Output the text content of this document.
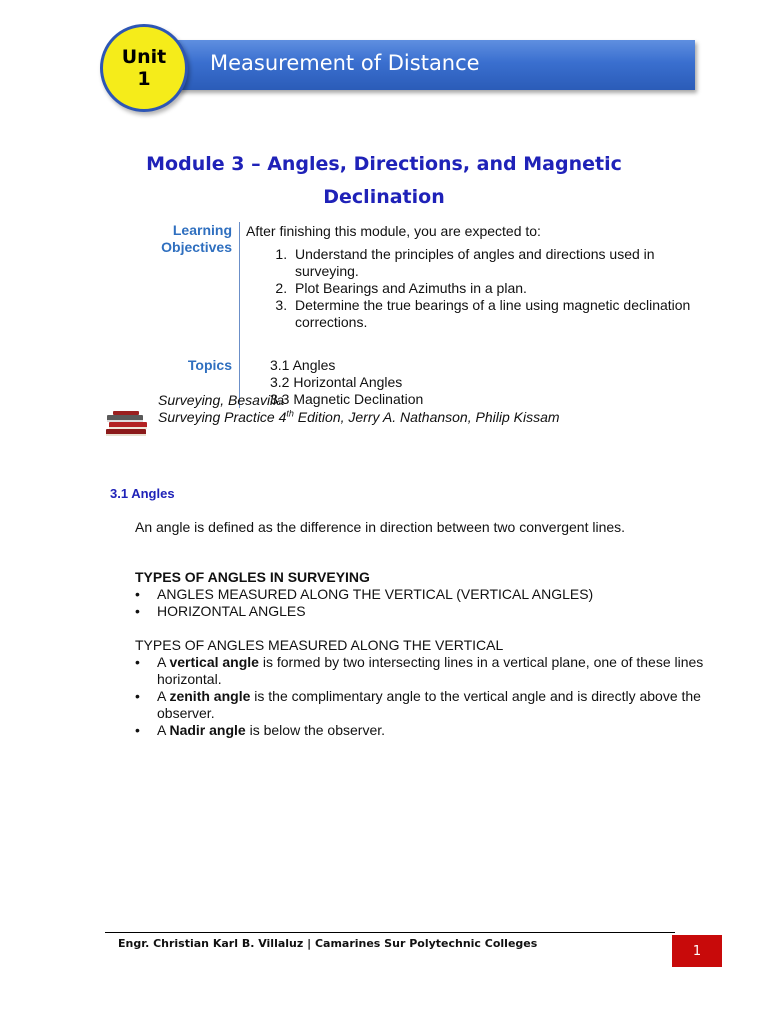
Measurement of Distance
Unit
1
Module 3 – Angles, Directions, and Magnetic
Declination
Learning
Objectives
After finishing this module, you are expected to:
1. Understand the principles of angles and directions used in surveying.
2. Plot Bearings and Azimuths in a plan.
3. Determine the true bearings of a line using magnetic declination corrections.
Topics	3.1 Angles
3.2 Horizontal Angles
3.3 Magnetic Declination
Surveying, Besavilla
Surveying Practice 4th Edition, Jerry A. Nathanson, Philip Kissam
3.1 Angles
An angle is defined as the difference in direction between two convergent lines.
TYPES OF ANGLES IN SURVEYING
• ANGLES MEASURED ALONG THE VERTICAL (VERTICAL ANGLES)
• HORIZONTAL ANGLES
TYPES OF ANGLES MEASURED ALONG THE VERTICAL
• A vertical angle is formed by two intersecting lines in a vertical plane, one of these lines horizontal.
• A zenith angle is the complimentary angle to the vertical angle and is directly above the observer.
• A Nadir angle is below the observer.
Engr. Christian Karl B. Villaluz | Camarines Sur Polytechnic Colleges	1
